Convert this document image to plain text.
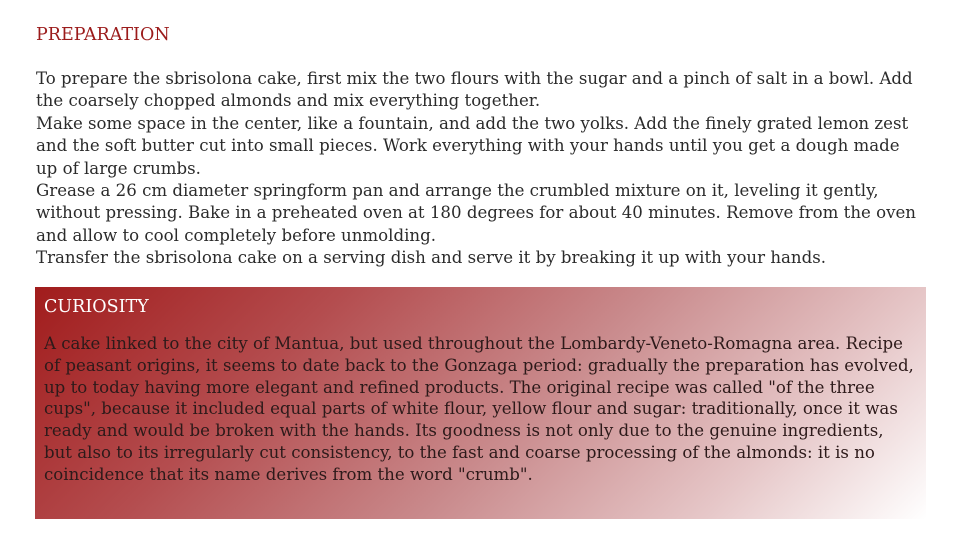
PREPARATION

To prepare the sbrisolona cake, first mix the two flours with the sugar and a pinch of salt in a bowl. Add the coarsely chopped almonds and mix everything together.

Make some space in the center, like a fountain, and add the two yolks. Add the finely grated lemon zest and the soft butter cut into small pieces. Work everything with your hands until you get a dough made up of large crumbs.

Grease a 26 cm diameter springform pan and arrange the crumbled mixture on it, leveling it gently, without pressing. Bake in a preheated oven at 180 degrees for about 40 minutes. Remove from the oven and allow to cool completely before unmolding.

Transfer the sbrisolona cake on a serving dish and serve it by breaking it up with your hands.

CURIOSITY

A cake linked to the city of Mantua, but used throughout the Lombardy-Veneto-Romagna area. Recipe of peasant origins, it seems to date back to the Gonzaga period: gradually the preparation has evolved, up to today having more elegant and refined products. The original recipe was called "of the three cups", because it included equal parts of white flour, yellow flour and sugar: traditionally, once it was ready and would be broken with the hands. Its goodness is not only due to the genuine ingredients, but also to its irregularly cut consistency, to the fast and coarse processing of the almonds: it is no coincidence that its name derives from the word "crumb".
